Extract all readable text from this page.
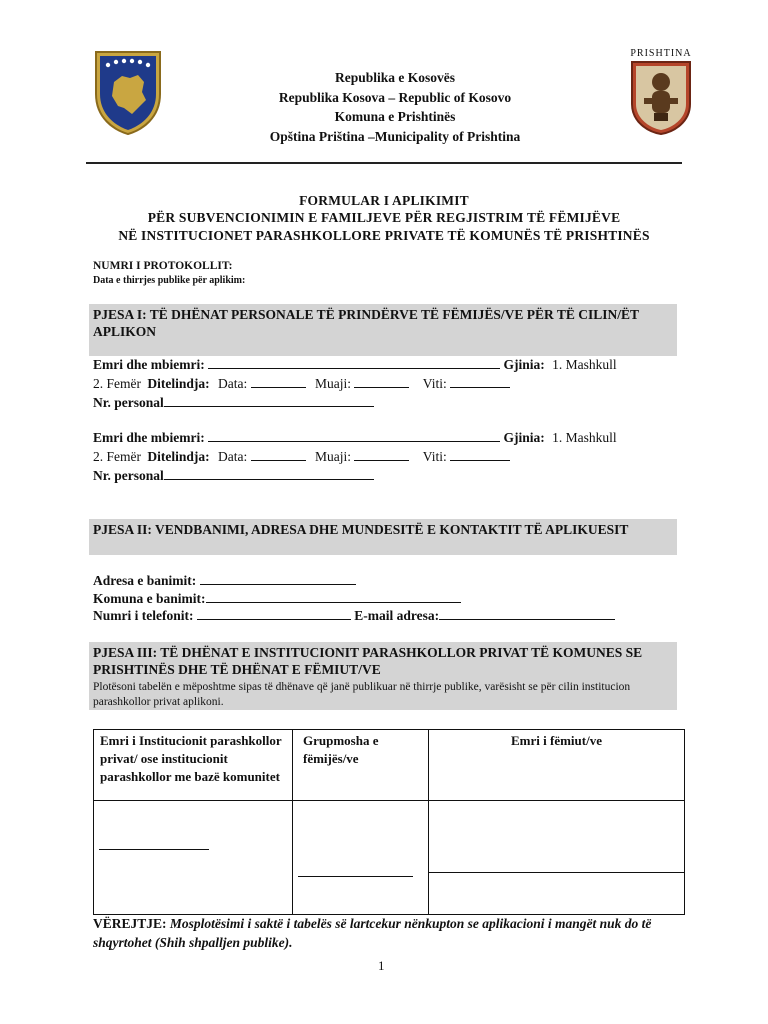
PRISHTINA
Republika e Kosovës
Republika Kosova – Republic of Kosovo
Komuna e Prishtinës
Opština Priština –Municipality of Prishtina
FORMULAR I APLIKIMIT
PËR SUBVENCIONIMIN E FAMILJEVE PËR REGJISTRIM TË FËMIJËVE
NË INSTITUCIONET PARASHKOLLORE PRIVATE TË KOMUNËS TË PRISHTINËS
NUMRI I PROTOKOLLIT:
Data e thirrjes publike për aplikim:
PJESA I: TË DHËNAT PERSONALE TË PRINDËRVE TË FËMIJËS/VE PËR TË CILIN/ËT APLIKON
Emri dhe mbiemri:	Gjinia: 1. Mashkull
2. Femër Ditelindja: Data:	Muaji:	Viti:
Nr. personal
Emri dhe mbiemri:	Gjinia: 1. Mashkull
2. Femër Ditelindja: Data:	Muaji:	Viti:
Nr. personal
PJESA II: VENDBANIMI, ADRESA DHE MUNDESITË E KONTAKTIT TË APLIKUESIT
Adresa e banimit:
Komuna e banimit:
Numri i telefonit:	E-mail adresa:
PJESA III: TË DHËNAT E INSTITUCIONIT PARASHKOLLOR PRIVAT TË KOMUNES SE PRISHTINËS DHE TË DHËNAT E FËMIUT/VE
Plotësoni tabelën e mëposhtme sipas të dhënave që janë publikuar në thirrje publike, varësisht se për cilin institucion parashkollor privat aplikoni.
Emri i Institucionit parashkollor privat/ ose institucionit parashkollor me bazë komunitet	Grupmosha e fëmijës/ve	Emri i fëmiut/ve

VËREJTJE: Mosplotësimi i saktë i tabelës së lartcekur nënkupton se aplikacioni i mangët nuk do të shqyrtohet (Shih shpalljen publike).
1
